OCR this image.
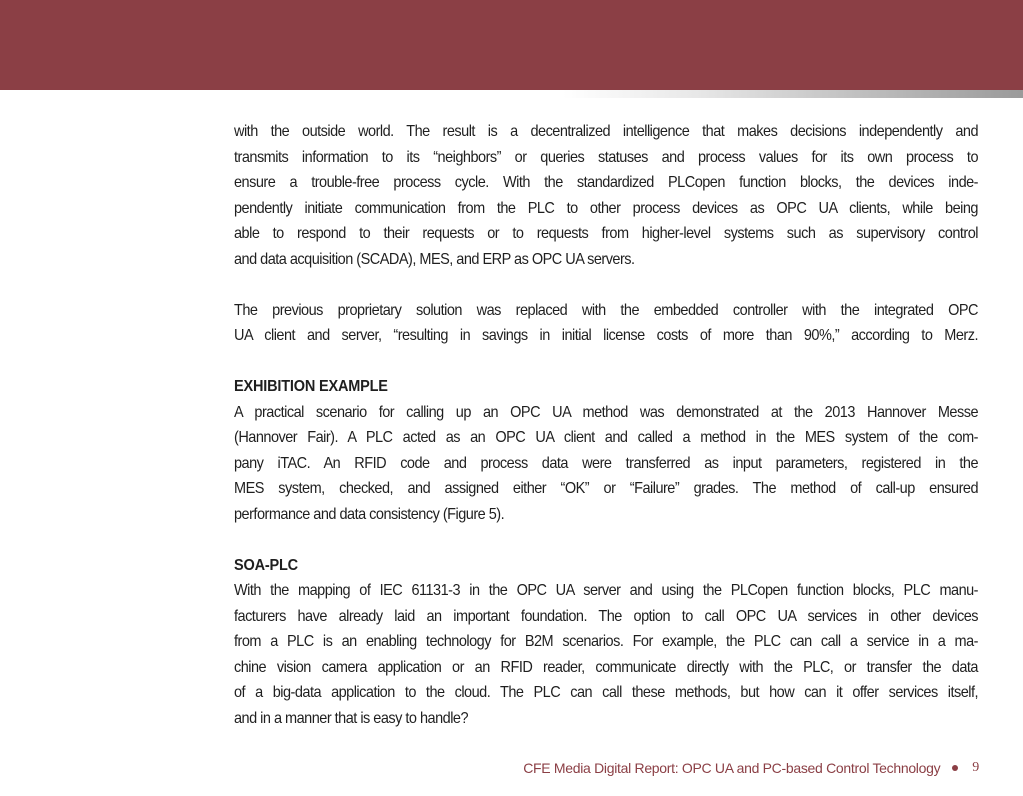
with the outside world. The result is a decentralized intelligence that makes decisions independently and
transmits information to its “neighbors” or queries statuses and process values for its own process to
ensure a trouble-free process cycle. With the standardized PLCopen function blocks, the devices inde-
pendently initiate communication from the PLC to other process devices as OPC UA clients, while being
able to respond to their requests or to requests from higher-level systems such as supervisory control
and data acquisition (SCADA), MES, and ERP as OPC UA servers.
The previous proprietary solution was replaced with the embedded controller with the integrated OPC
UA client and server, “resulting in savings in initial license costs of more than 90%,” according to Merz.
EXHIBITION EXAMPLE
A practical scenario for calling up an OPC UA method was demonstrated at the 2013 Hannover Messe
(Hannover Fair). A PLC acted as an OPC UA client and called a method in the MES system of the com-
pany iTAC. An RFID code and process data were transferred as input parameters, registered in the
MES system, checked, and assigned either “OK” or “Failure” grades. The method of call-up ensured
performance and data consistency (Figure 5).
SOA-PLC
With the mapping of IEC 61131-3 in the OPC UA server and using the PLCopen function blocks, PLC manu-
facturers have already laid an important foundation. The option to call OPC UA services in other devices
from a PLC is an enabling technology for B2M scenarios. For example, the PLC can call a service in a ma-
chine vision camera application or an RFID reader, communicate directly with the PLC, or transfer the data
of a big-data application to the cloud. The PLC can call these methods, but how can it offer services itself,
and in a manner that is easy to handle?
CFE Media Digital Report: OPC UA and PC-based Control Technology 9
